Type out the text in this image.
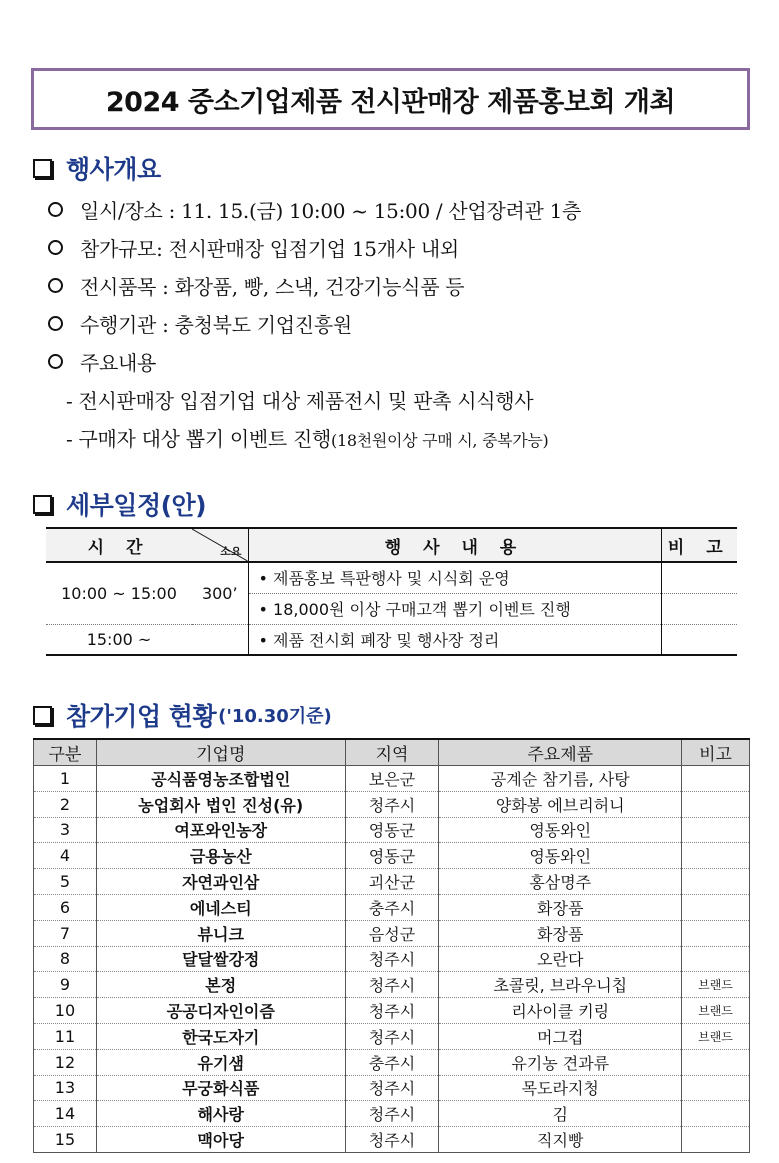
2024 중소기업제품 전시판매장 제품홍보회 개최
행사개요
일시/장소 : 11. 15.(금) 10:00 ~ 15:00 / 산업장려관 1층
참가규모: 전시판매장 입점기업 15개사 내외
전시품목 : 화장품, 빵, 스낵, 건강기능식품 등
수행기관 : 충청북도 기업진흥원
주요내용
- 전시판매장 입점기업 대상 제품전시 및 판촉 시식행사
- 구매자 대상 뽑기 이벤트 진행(18천원이상 구매 시, 중복가능)
세부일정(안)
시 간	소요	행 사 내 용	비 고
10:00 ~ 15:00	300’	• 제품홍보 특판행사 및 시식회 운영	
		• 18,000원 이상 구매고객 뽑기 이벤트 진행	
15:00 ~		• 제품 전시회 폐장 및 행사장 정리	
참가기업 현황 ('10.30기준)
구분	기업명	지역	주요제품	비고
1	공식품영농조합법인	보은군	공계순 참기름, 사탕	
2	농업회사 법인 진성(유)	청주시	양화봉 에브리허니	
3	여포와인농장	영동군	영동와인	
4	금용농산	영동군	영동와인	
5	자연과인삼	괴산군	홍삼명주	
6	에네스티	충주시	화장품	
7	뷰니크	음성군	화장품	
8	달달쌀강정	청주시	오란다	
9	본정	청주시	초콜릿, 브라우니칩	브랜드
10	공공디자인이즘	청주시	리사이클 키링	브랜드
11	한국도자기	청주시	머그컵	브랜드
12	유기샘	충주시	유기농 견과류	
13	무궁화식품	청주시	목도라지청	
14	해사랑	청주시	김	
15	맥아당	청주시	직지빵	
